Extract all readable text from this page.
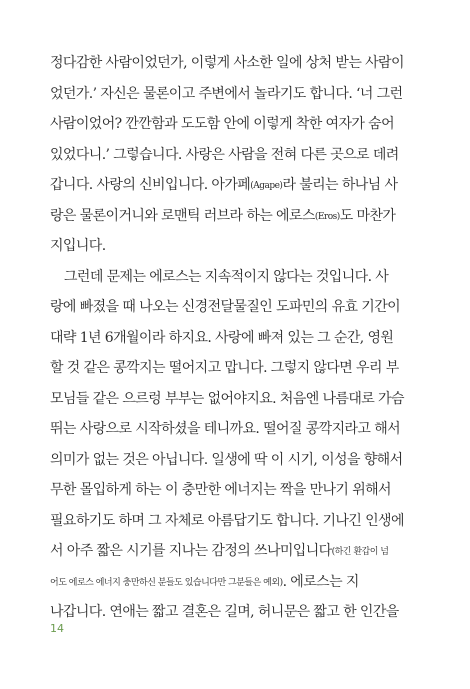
정다감한 사람이었던가, 이렇게 사소한 일에 상처 받는 사람이
었던가.’ 자신은 물론이고 주변에서 놀라기도 합니다. ‘너 그런
사람이었어? 깐깐함과 도도함 안에 이렇게 착한 여자가 숨어
있었다니.’ 그렇습니다. 사랑은 사람을 전혀 다른 곳으로 데려
갑니다. 사랑의 신비입니다. 아가페(Agape)라 불리는 하나님 사
랑은 물론이거니와 로맨틱 러브라 하는 에로스(Eros)도 마찬가
지입니다.
그런데 문제는 에로스는 지속적이지 않다는 것입니다. 사
랑에 빠졌을 때 나오는 신경전달물질인 도파민의 유효 기간이
대략 1년 6개월이라 하지요. 사랑에 빠져 있는 그 순간, 영원
할 것 같은 콩깍지는 떨어지고 맙니다. 그렇지 않다면 우리 부
모님들 같은 으르렁 부부는 없어야지요. 처음엔 나름대로 가슴
뛰는 사랑으로 시작하셨을 테니까요. 떨어질 콩깍지라고 해서
의미가 없는 것은 아닙니다. 일생에 딱 이 시기, 이성을 향해서
무한 몰입하게 하는 이 충만한 에너지는 짝을 만나기 위해서
필요하기도 하며 그 자체로 아름답기도 합니다. 기나긴 인생에
서 아주 짧은 시기를 지나는 감정의 쓰나미입니다(하긴 환갑이 넘
어도 에로스 에너지 충만하신 분들도 있습니다만 그분들은 예외). 에로스는 지
나갑니다. 연애는 짧고 결혼은 길며, 허니문은 짧고 한 인간을
14
